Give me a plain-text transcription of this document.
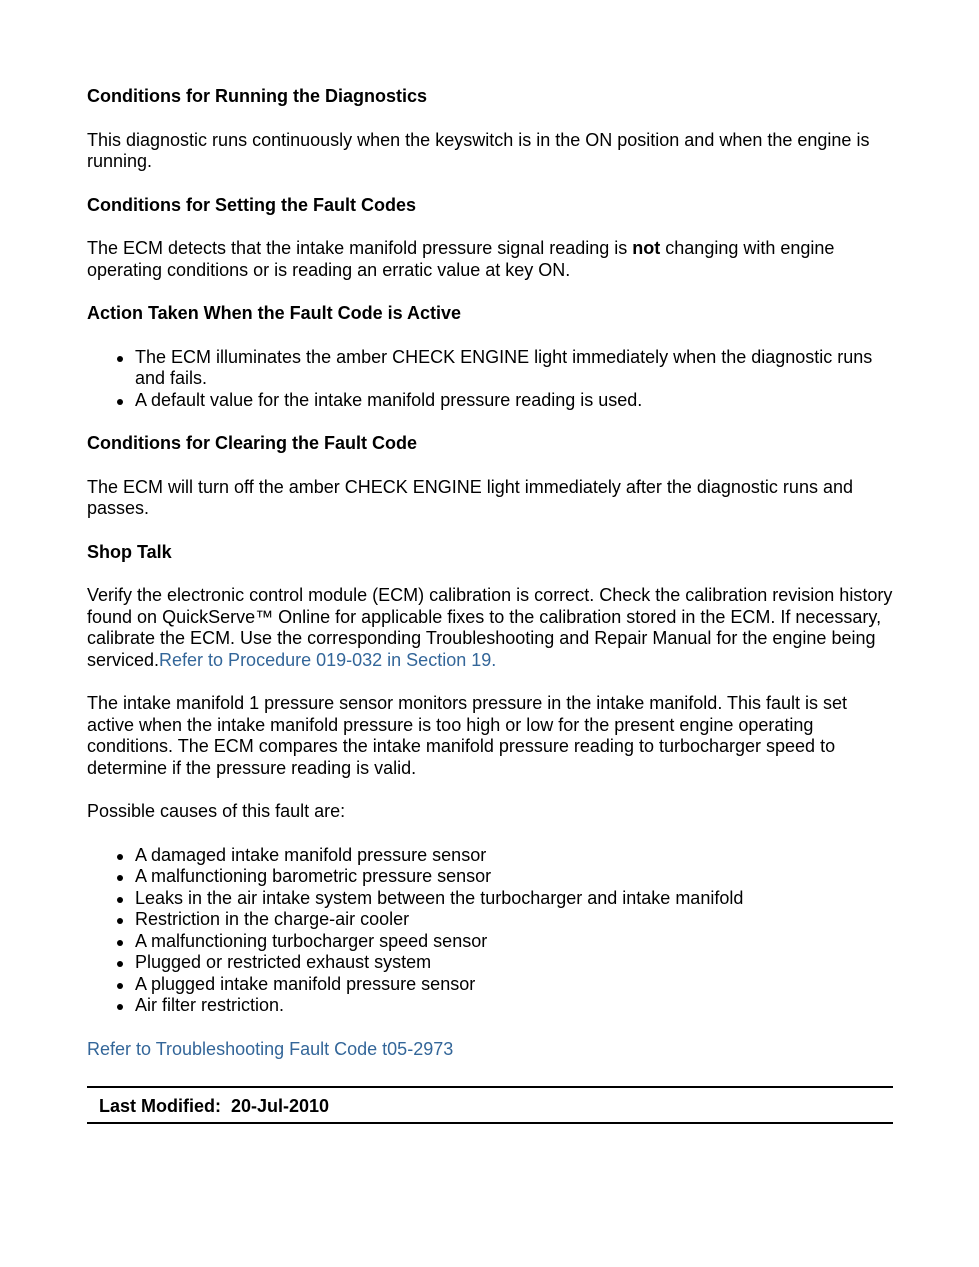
Conditions for Running the Diagnostics

This diagnostic runs continuously when the keyswitch is in the ON position and when the engine is running.

Conditions for Setting the Fault Codes

The ECM detects that the intake manifold pressure signal reading is not changing with engine operating conditions or is reading an erratic value at key ON.

Action Taken When the Fault Code is Active

The ECM illuminates the amber CHECK ENGINE light immediately when the diagnostic runs and fails.
A default value for the intake manifold pressure reading is used.

Conditions for Clearing the Fault Code

The ECM will turn off the amber CHECK ENGINE light immediately after the diagnostic runs and passes.

Shop Talk

Verify the electronic control module (ECM) calibration is correct. Check the calibration revision history found on QuickServe™ Online for applicable fixes to the calibration stored in the ECM. If necessary, calibrate the ECM. Use the corresponding Troubleshooting and Repair Manual for the engine being serviced.Refer to Procedure 019-032 in Section 19.

The intake manifold 1 pressure sensor monitors pressure in the intake manifold. This fault is set active when the intake manifold pressure is too high or low for the present engine operating conditions. The ECM compares the intake manifold pressure reading to turbocharger speed to determine if the pressure reading is valid.

Possible causes of this fault are:

A damaged intake manifold pressure sensor
A malfunctioning barometric pressure sensor
Leaks in the air intake system between the turbocharger and intake manifold
Restriction in the charge-air cooler
A malfunctioning turbocharger speed sensor
Plugged or restricted exhaust system
A plugged intake manifold pressure sensor
Air filter restriction.

Refer to Troubleshooting Fault Code t05-2973

Last Modified:  20-Jul-2010
